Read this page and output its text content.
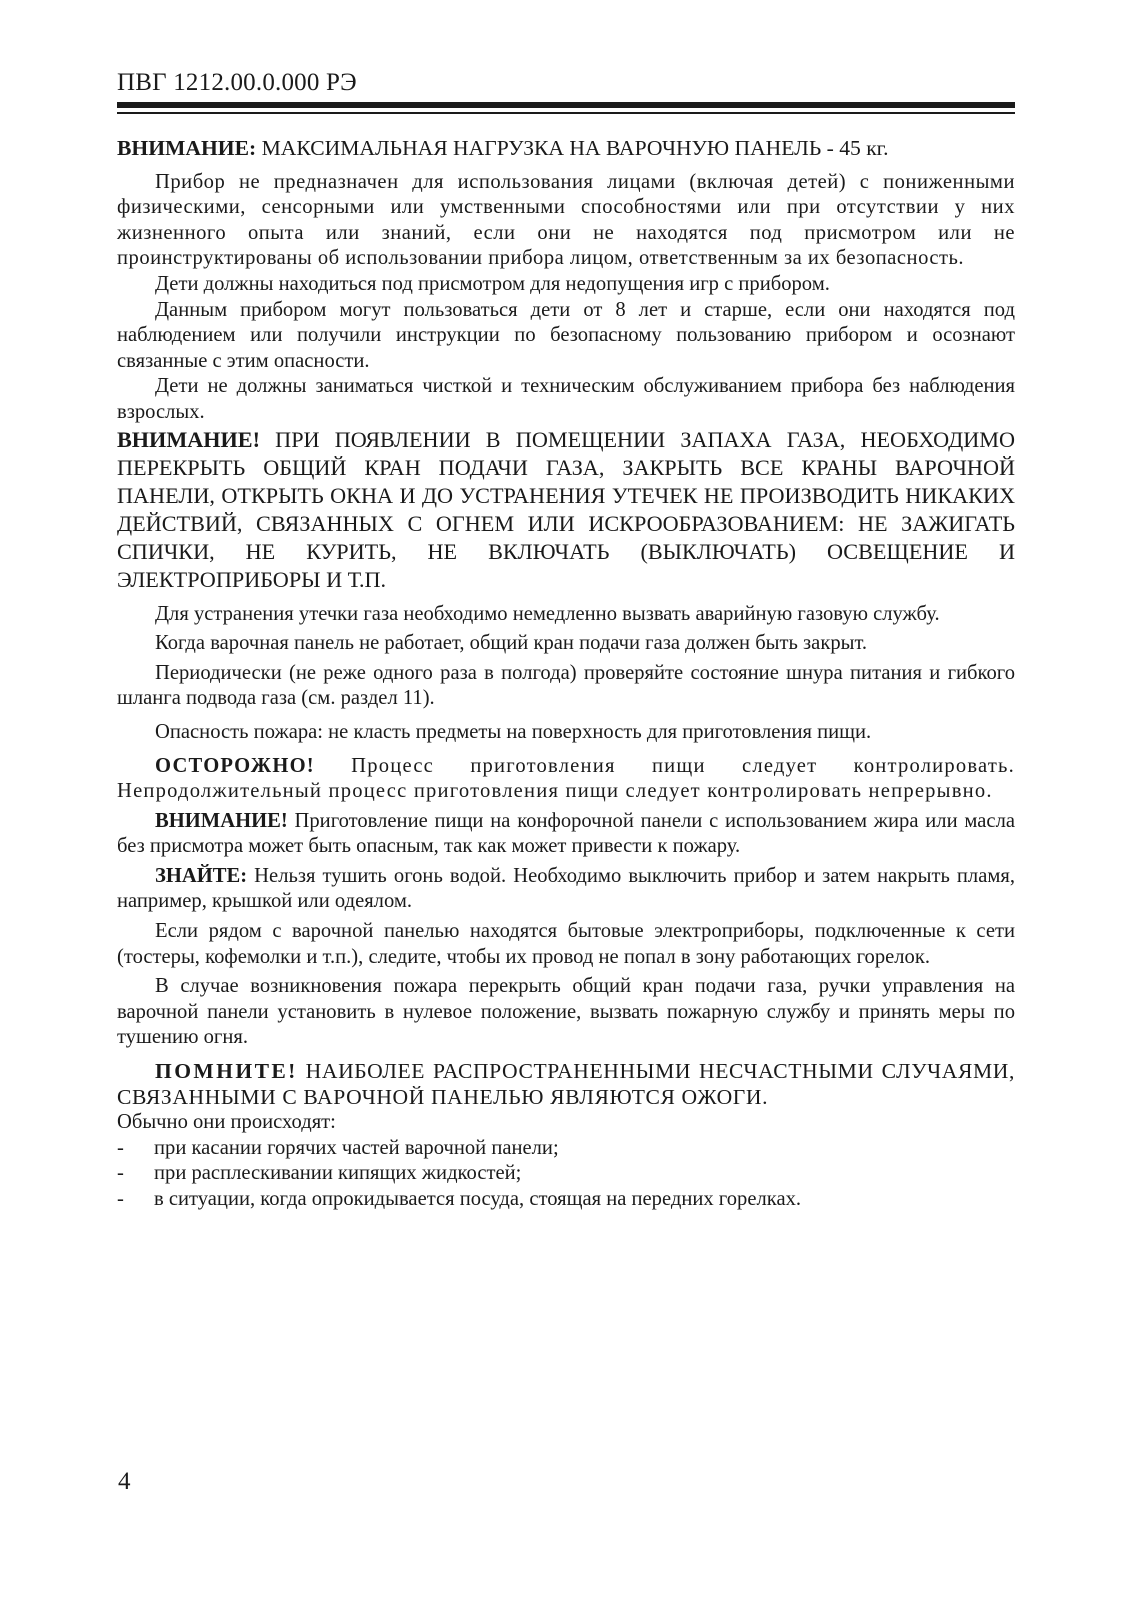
ПВГ 1212.00.0.000 РЭ

ВНИМАНИЕ: МАКСИМАЛЬНАЯ НАГРУЗКА НА ВАРОЧНУЮ ПАНЕЛЬ - 45 кг.

Прибор не предназначен для использования лицами (включая детей) с пониженными физическими, сенсорными или умственными способностями или при отсутствии у них жизненного опыта или знаний, если они не находятся под присмотром или не проинструктированы об использовании прибора лицом, ответственным за их безопасность.

Дети должны находиться под присмотром для недопущения игр с прибором.

Данным прибором могут пользоваться дети от 8 лет и старше, если они находятся под наблюдением или получили инструкции по безопасному пользованию прибором и осознают связанные с этим опасности.

Дети не должны заниматься чисткой и техническим обслуживанием прибора без наблюдения взрослых.

ВНИМАНИЕ! ПРИ ПОЯВЛЕНИИ В ПОМЕЩЕНИИ ЗАПАХА ГАЗА, НЕОБХОДИМО ПЕРЕКРЫТЬ ОБЩИЙ КРАН ПОДАЧИ ГАЗА, ЗАКРЫТЬ ВСЕ КРАНЫ ВАРОЧНОЙ ПАНЕЛИ, ОТКРЫТЬ ОКНА И ДО УСТРАНЕНИЯ УТЕЧЕК НЕ ПРОИЗВОДИТЬ НИКАКИХ ДЕЙСТВИЙ, СВЯЗАННЫХ С ОГНЕМ ИЛИ ИСКРООБРАЗОВАНИЕМ: НЕ ЗАЖИГАТЬ СПИЧКИ, НЕ КУРИТЬ, НЕ ВКЛЮЧАТЬ (ВЫКЛЮЧАТЬ) ОСВЕЩЕНИЕ И ЭЛЕКТРОПРИБОРЫ И Т.П.

Для устранения утечки газа необходимо немедленно вызвать аварийную газовую службу.

Когда варочная панель не работает, общий кран подачи газа должен быть закрыт.

Периодически (не реже одного раза в полгода) проверяйте состояние шнура питания и гибкого шланга подвода газа (см. раздел 11).

Опасность пожара: не класть предметы на поверхность для приготовления пищи.

ОСТОРОЖНО! Процесс приготовления пищи следует контролировать. Непродолжительный процесс приготовления пищи следует контролировать непрерывно.

ВНИМАНИЕ! Приготовление пищи на конфорочной панели с использованием жира или масла без присмотра может быть опасным, так как может привести к пожару.

ЗНАЙТЕ: Нельзя тушить огонь водой. Необходимо выключить прибор и затем накрыть пламя, например, крышкой или одеялом.

Если рядом с варочной панелью находятся бытовые электроприборы, подключенные к сети (тостеры, кофемолки и т.п.), следите, чтобы их провод не попал в зону работающих горелок.

В случае возникновения пожара перекрыть общий кран подачи газа, ручки управления на варочной панели установить в нулевое положение, вызвать пожарную службу и принять меры по тушению огня.

ПОМНИТЕ! НАИБОЛЕЕ РАСПРОСТРАНЕННЫМИ НЕСЧАСТНЫМИ СЛУЧАЯМИ, СВЯЗАННЫМИ С ВАРОЧНОЙ ПАНЕЛЬЮ ЯВЛЯЮТСЯ ОЖОГИ.

Обычно они происходят:

- при касании горячих частей варочной панели;
- при расплескивании кипящих жидкостей;
- в ситуации, когда опрокидывается посуда, стоящая на передних горелках.
4
